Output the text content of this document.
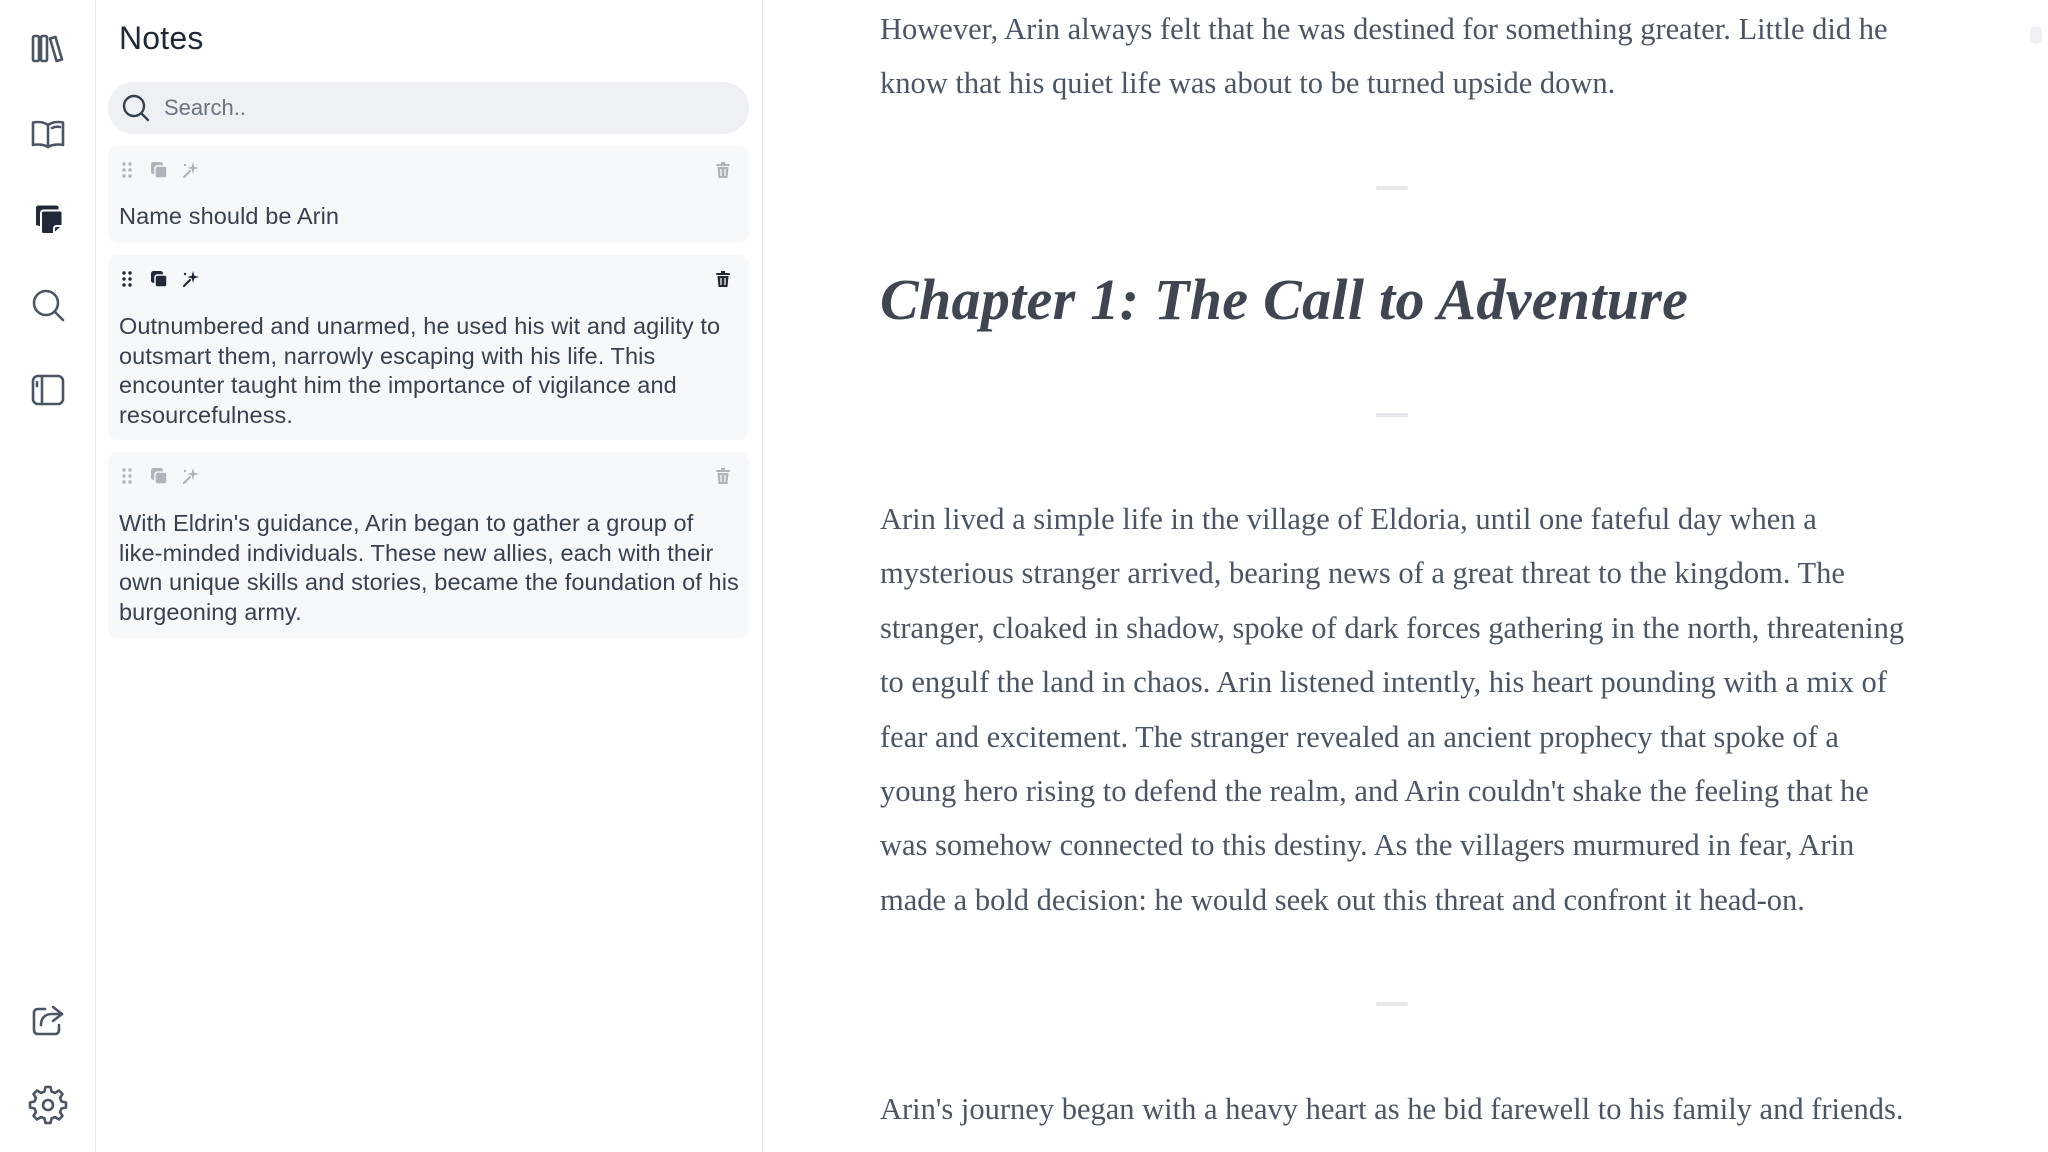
Notes
Search..
Name should be Arin
Outnumbered and unarmed, he used his wit and agility to outsmart them, narrowly escaping with his life. This encounter taught him the importance of vigilance and resourcefulness.
With Eldrin's guidance, Arin began to gather a group of like-minded individuals. These new allies, each with their own unique skills and stories, became the foundation of his burgeoning army.
However, Arin always felt that he was destined for something greater. Little did he know that his quiet life was about to be turned upside down.
Chapter 1: The Call to Adventure
Arin lived a simple life in the village of Eldoria, until one fateful day when a mysterious stranger arrived, bearing news of a great threat to the kingdom. The stranger, cloaked in shadow, spoke of dark forces gathering in the north, threatening to engulf the land in chaos. Arin listened intently, his heart pounding with a mix of fear and excitement. The stranger revealed an ancient prophecy that spoke of a young hero rising to defend the realm, and Arin couldn't shake the feeling that he was somehow connected to this destiny. As the villagers murmured in fear, Arin made a bold decision: he would seek out this threat and confront it head-on.
Arin's journey began with a heavy heart as he bid farewell to his family and friends.
